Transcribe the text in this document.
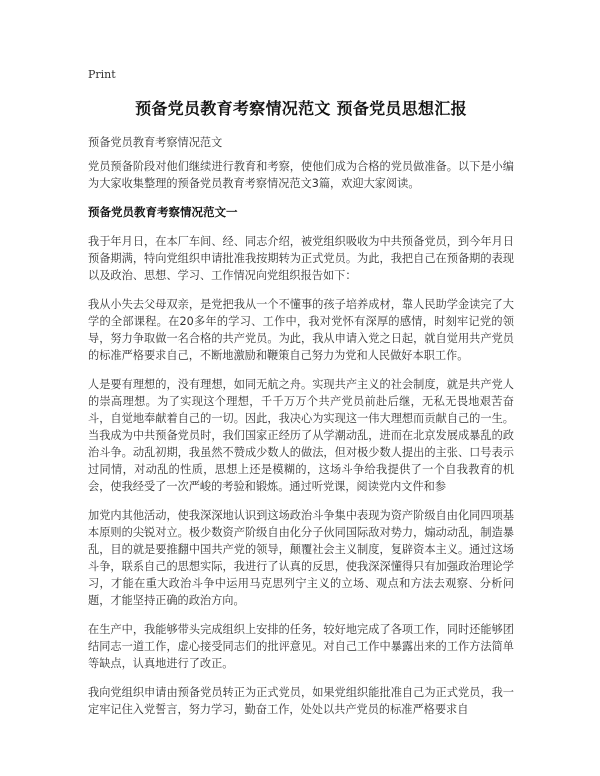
Print
预备党员教育考察情况范文 预备党员思想汇报
预备党员教育考察情况范文

党员预备阶段对他们继续进行教育和考察，使他们成为合格的党员做准备。以下是小编为大家收集整理的预备党员教育考察情况范文3篇，欢迎大家阅读。

预备党员教育考察情况范文一

我于年月日，在本厂车间、经、同志介绍，被党组织吸收为中共预备党员，到今年月日预备期满，特向党组织申请批准我按期转为正式党员。为此，我把自己在预备期的表现以及政治、思想、学习、工作情况向党组织报告如下：

我从小失去父母双亲，是党把我从一个不懂事的孩子培养成材，靠人民助学金读完了大学的全部课程。在20多年的学习、工作中，我对党怀有深厚的感情，时刻牢记党的领导，努力争取做一名合格的共产党员。为此，我从申请入党之日起，就自觉用共产党员的标准严格要求自己，不断地激励和鞭策自己努力为党和人民做好本职工作。

人是要有理想的，没有理想，如同无航之舟。实现共产主义的社会制度，就是共产党人的崇高理想。为了实现这个理想，千千万万个共产党员前赴后继，无私无畏地艰苦奋斗，自觉地奉献着自己的一切。因此，我决心为实现这一伟大理想而贡献自己的一生。当我成为中共预备党员时，我们国家正经历了从学潮动乱，进而在北京发展成暴乱的政治斗争。动乱初期，我虽然不赞成少数人的做法，但对极少数人提出的主张、口号表示过同情，对动乱的性质，思想上还是模糊的，这场斗争给我提供了一个自我教育的机会，使我经受了一次严峻的考验和锻炼。通过听党课，阅读党内文件和参

加党内其他活动，使我深深地认识到这场政治斗争集中表现为资产阶级自由化同四项基本原则的尖锐对立。极少数资产阶级自由化分子伙同国际敌对势力，煽动动乱，制造暴乱，目的就是要推翻中国共产党的领导，颠覆社会主义制度，复辟资本主义。通过这场斗争，联系自己的思想实际，我进行了认真的反思，使我深深懂得只有加强政治理论学习，才能在重大政治斗争中运用马克思列宁主义的立场、观点和方法去观察、分析问题，才能坚持正确的政治方向。

在生产中，我能够带头完成组织上安排的任务，较好地完成了各项工作，同时还能够团结同志一道工作，虚心接受同志们的批评意见。对自己工作中暴露出来的工作方法简单等缺点，认真地进行了改正。

我向党组织申请由预备党员转正为正式党员，如果党组织能批准自己为正式党员，我一定牢记住入党誓言，努力学习，勤奋工作，处处以共产党员的标准严格要求自
